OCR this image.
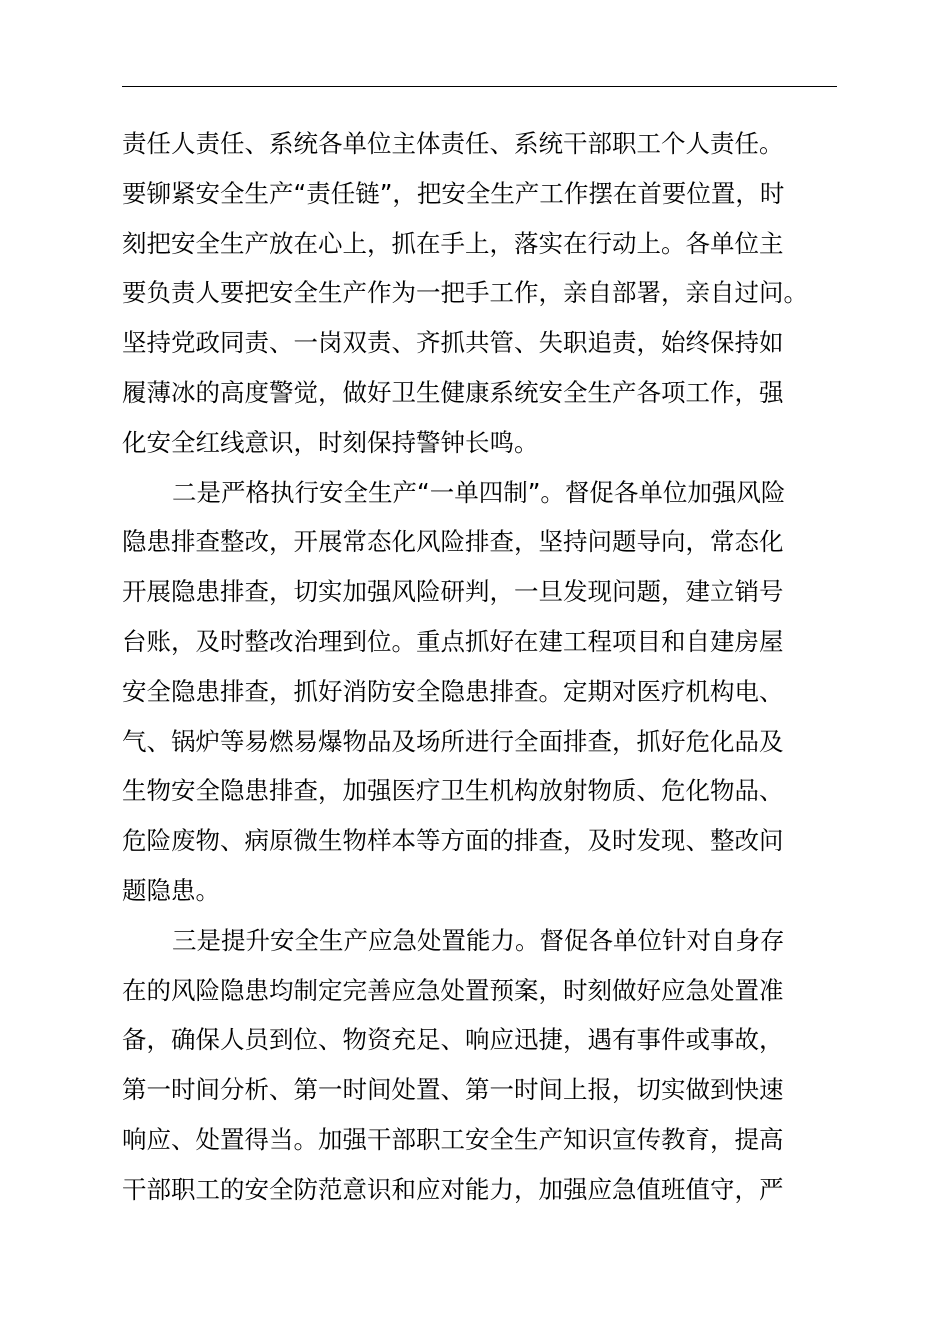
责任人责任、系统各单位主体责任、系统干部职工个人责任。
要铆紧安全生产“责任链”，把安全生产工作摆在首要位置，时
刻把安全生产放在心上，抓在手上，落实在行动上。各单位主
要负责人要把安全生产作为一把手工作，亲自部署，亲自过问。
坚持党政同责、一岗双责、齐抓共管、失职追责，始终保持如
履薄冰的高度警觉，做好卫生健康系统安全生产各项工作，强
化安全红线意识，时刻保持警钟长鸣。
二是严格执行安全生产“一单四制”。督促各单位加强风险
隐患排查整改，开展常态化风险排查，坚持问题导向，常态化
开展隐患排查，切实加强风险研判，一旦发现问题，建立销号
台账，及时整改治理到位。重点抓好在建工程项目和自建房屋
安全隐患排查，抓好消防安全隐患排查。定期对医疗机构电、
气、锅炉等易燃易爆物品及场所进行全面排查，抓好危化品及
生物安全隐患排查，加强医疗卫生机构放射物质、危化物品、
危险废物、病原微生物样本等方面的排查，及时发现、整改问
题隐患。
三是提升安全生产应急处置能力。督促各单位针对自身存
在的风险隐患均制定完善应急处置预案，时刻做好应急处置准
备，确保人员到位、物资充足、响应迅捷，遇有事件或事故，
第一时间分析、第一时间处置、第一时间上报，切实做到快速
响应、处置得当。加强干部职工安全生产知识宣传教育，提高
干部职工的安全防范意识和应对能力，加强应急值班值守，严
